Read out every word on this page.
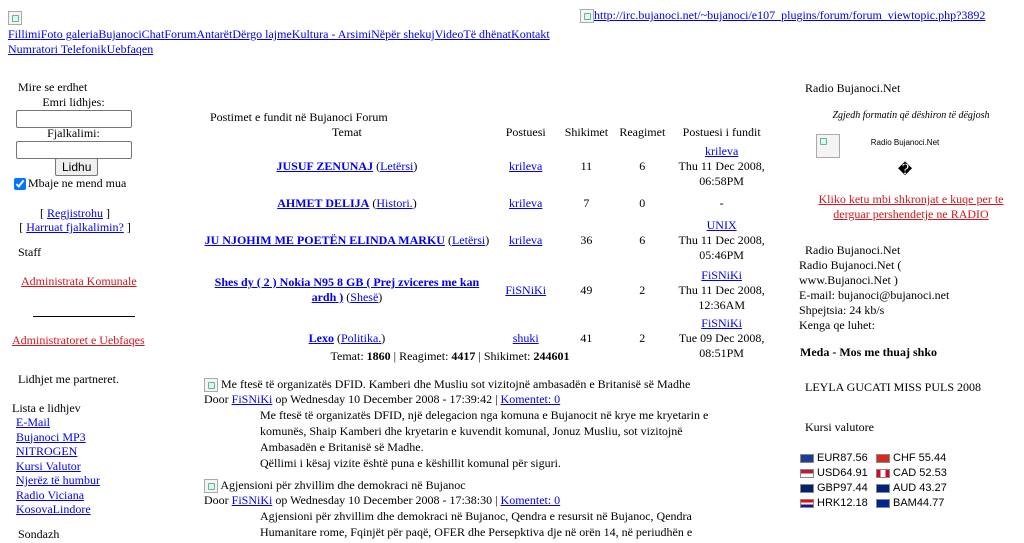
http://irc.bujanoci.net/~bujanoci/e107_plugins/forum/forum_viewtopic.php?3892
FillimiFoto galeriaBujanociChatForumAntarëtDërgo lajmeKultura - ArsimiNëpër shekujVideoTë dhënatKontakt
Numratori TelefonikUebfaqen
Mire se erdhet
Emri lidhjes:
Fjalkalimi:
Lidhu
Mbaje ne mend mua
[ Regjistrohu ]
[ Harruat fjalkalimin? ]
Staff
Administrata Komunale
Administratoret e Uebfaqes
Lidhjet me partneret.
Lista e lidhjev
E-Mail
Bujanoci MP3
NITROGEN
Kursi Valutor
Njerëz të humbur
Radio Viciana
KosovaLindore
Sondazh
Postimet e fundit në Bujanoci Forum
Temat	Postuesi	Shikimet	Reagimet	Postuesi i fundit
JUSUF ZENUNAJ (Letërsi)	krileva	11	6	krileva
Thu 11 Dec 2008, 06:58PM
AHMET DELIJA (Histori.)	krileva	7	0	-
JU NJOHIM ME POETËN ELINDA MARKU (Letërsi)	krileva	36	6	UNIX
Thu 11 Dec 2008, 05:46PM
Shes dy ( 2 ) Nokia N95 8 GB ( Prej zviceres me kan ardh ) (Shesë)	FiSNiKi	49	2	FiSNiKi
Thu 11 Dec 2008, 12:36AM
Lexo (Politika.)	shuki	41	2	FiSNiKi
Tue 09 Dec 2008, 08:51PM
Temat: 1860 | Reagimet: 4417 | Shikimet: 244601
Me ftesë të organizatës DFID. Kamberi dhe Musliu sot vizitojnë ambasadën e Britanisë së Madhe
Door FiSNiKi op Wednesday 10 December 2008 - 17:39:42 | Komentet: 0
Me ftesë të organizatës DFID, një delegacion nga komuna e Bujanocit në krye me kryetarin e komunës, Shaip Kamberi dhe kryetarin e kuvendit komunal, Jonuz Musliu, sot vizitojnë Ambasadën e Britanisë së Madhe.
Qëllimi i kësaj vizite është puna e këshillit komunal për siguri.
Agjensioni për zhvillim dhe demokraci në Bujanoc
Door FiSNiKi op Wednesday 10 December 2008 - 17:38:30 | Komentet: 0
Agjensioni për zhvillim dhe demokraci në Bujanoc, Qendra e resursit në Bujanoc, Qendra Humanitare rome, Fqinjët për paqë, OFER dhe Persepktiva dje në orën 14, në periudhën e
Radio Bujanoci.Net
Zgjedh formatin që dëshiron të dëgjosh

Radio Bujanoci.Net
�
Kliko ketu mbi shkronjat e kuqe per te derguar pershendetje ne RADIO
Radio Bujanoci.Net
Radio Bujanoci.Net (
www.Bujanoci.Net )
E-mail: bujanoci@bujanoci.net
Shpejtsia: 24 kb/s
Kenga qe luhet:
Meda - Mos me thuaj shko
LEYLA GUCATI MISS PULS 2008
Kursi valutore
EUR87.56 CHF 55.44
USD64.91 CAD 52.53
GBP97.44 AUD 43.27
HRK12.18 BAM44.77
